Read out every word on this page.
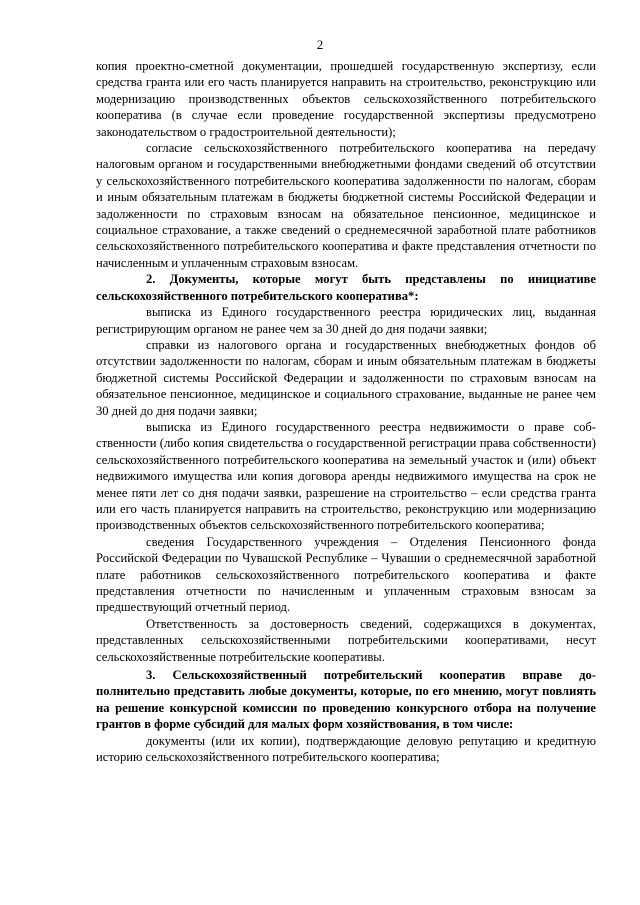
2

копия проектно-сметной документации, прошедшей государственную экспертизу, если средства гранта или его часть планируется направить на строительство, реконструкцию или модернизацию производственных объектов сельскохозяйственного потребительского кооператива (в случае если проведение государственной экспертизы предусмотрено законодательством о градостроительной деятельности);

согласие сельскохозяйственного потребительского кооператива на передачу налоговым органом и государственными внебюджетными фондами сведений об отсутствии у сельскохозяйственного потребительского кооператива задолженности по налогам, сборам и иным обязательным платежам в бюджеты бюджетной системы Российской Федерации и задолженности по страховым взносам на обязательное пенсионное, медицинское и социальное страхование, а также сведений о среднемесячной заработной плате работников сельскохозяйственного потребительского кооператива и факте представления отчетности по начисленным и уплаченным страховым взносам.

2. Документы, которые могут быть представлены по инициативе сельскохозяйственного потребительского кооператива*:

выписка из Единого государственного реестра юридических лиц, выданная регистрирующим органом не ранее чем за 30 дней до дня подачи заявки;

справки из налогового органа и государственных внебюджетных фондов об отсутствии задолженности по налогам, сборам и иным обязательным платежам в бюджеты бюджетной системы Российской Федерации и задолженности по страховым взносам на обязательное пенсионное, медицинское и социального страхование, выданные не ранее чем 30 дней до дня подачи заявки;

выписка из Единого государственного реестра недвижимости о праве собственности (либо копия свидетельства о государственной регистрации права собственности) сельскохозяйственного потребительского кооператива на земельный участок и (или) объект недвижимого имущества или копия договора аренды недвижимого имущества на срок не менее пяти лет со дня подачи заявки, разрешение на строительство – если средства гранта или его часть планируется направить на строительство, реконструкцию или модернизацию производственных объектов сельскохозяйственного потребительского кооператива;

сведения Государственного учреждения – Отделения Пенсионного фонда Российской Федерации по Чувашской Республике – Чувашии о среднемесячной заработной плате работников сельскохозяйственного потребительского кооператива и факте представления отчетности по начисленным и уплаченным страховым взносам за предшествующий отчетный период.

Ответственность за достоверность сведений, содержащихся в документах, представленных сельскохозяйственными потребительскими кооперативами, несут сельскохозяйственные потребительские кооперативы.

3. Сельскохозяйственный потребительский кооператив вправе дополнительно представить любые документы, которые, по его мнению, могут повлиять на решение конкурсной комиссии по проведению конкурсного отбора на получение грантов в форме субсидий для малых форм хозяйствования, в том числе:

документы (или их копии), подтверждающие деловую репутацию и кредитную историю сельскохозяйственного потребительского кооператива;
